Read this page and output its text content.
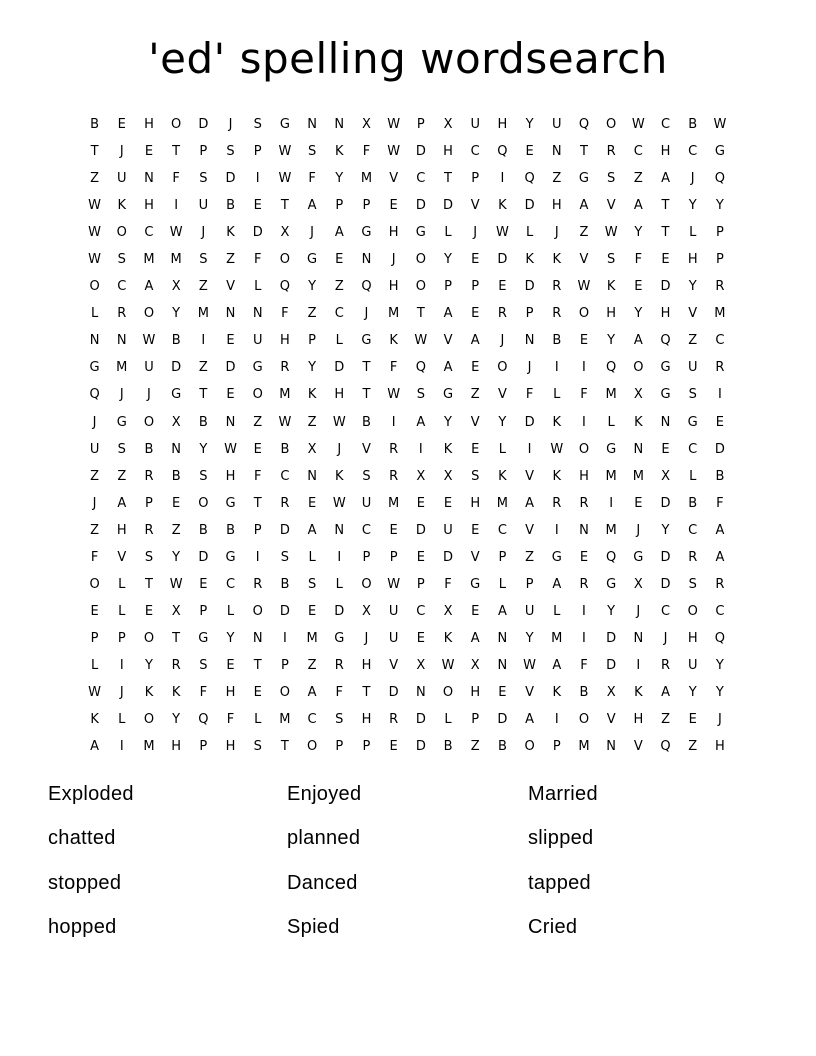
'ed' spelling wordsearch
B	E	H	O	D	J	S	G	N	N	X	W	P	X	U	H	Y	U	Q	O	W	C	B	W
T	J	E	T	P	S	P	W	S	K	F	W	D	H	C	Q	E	N	T	R	C	H	C	G
Z	U	N	F	S	D	I	W	F	Y	M	V	C	T	P	I	Q	Z	G	S	Z	A	J	Q
W	K	H	I	U	B	E	T	A	P	P	E	D	D	V	K	D	H	A	V	A	T	Y	Y
W	O	C	W	J	K	D	X	J	A	G	H	G	L	J	W	L	J	Z	W	Y	T	L	P
W	S	M	M	S	Z	F	O	G	E	N	J	O	Y	E	D	K	K	V	S	F	E	H	P
O	C	A	X	Z	V	L	Q	Y	Z	Q	H	O	P	P	E	D	R	W	K	E	D	Y	R
L	R	O	Y	M	N	N	F	Z	C	J	M	T	A	E	R	P	R	O	H	Y	H	V	M
N	N	W	B	I	E	U	H	P	L	G	K	W	V	A	J	N	B	E	Y	A	Q	Z	C
G	M	U	D	Z	D	G	R	Y	D	T	F	Q	A	E	O	J	I	I	Q	O	G	U	R
Q	J	J	G	T	E	O	M	K	H	T	W	S	G	Z	V	F	L	F	M	X	G	S	I
J	G	O	X	B	N	Z	W	Z	W	B	I	A	Y	V	Y	D	K	I	L	K	N	G	E
U	S	B	N	Y	W	E	B	X	J	V	R	I	K	E	L	I	W	O	G	N	E	C	D
Z	Z	R	B	S	H	F	C	N	K	S	R	X	X	S	K	V	K	H	M	M	X	L	B
J	A	P	E	O	G	T	R	E	W	U	M	E	E	H	M	A	R	R	I	E	D	B	F
Z	H	R	Z	B	B	P	D	A	N	C	E	D	U	E	C	V	I	N	M	J	Y	C	A
F	V	S	Y	D	G	I	S	L	I	P	P	E	D	V	P	Z	G	E	Q	G	D	R	A
O	L	T	W	E	C	R	B	S	L	O	W	P	F	G	L	P	A	R	G	X	D	S	R
E	L	E	X	P	L	O	D	E	D	X	U	C	X	E	A	U	L	I	Y	J	C	O	C
P	P	O	T	G	Y	N	I	M	G	J	U	E	K	A	N	Y	M	I	D	N	J	H	Q
L	I	Y	R	S	E	T	P	Z	R	H	V	X	W	X	N	W	A	F	D	I	R	U	Y
W	J	K	K	F	H	E	O	A	F	T	D	N	O	H	E	V	K	B	X	K	A	Y	Y
K	L	O	Y	Q	F	L	M	C	S	H	R	D	L	P	D	A	I	O	V	H	Z	E	J
A	I	M	H	P	H	S	T	O	P	P	E	D	B	Z	B	O	P	M	N	V	Q	Z	H
Exploded	Enjoyed	Married
chatted	planned	slipped
stopped	Danced	tapped
hopped	Spied	Cried
